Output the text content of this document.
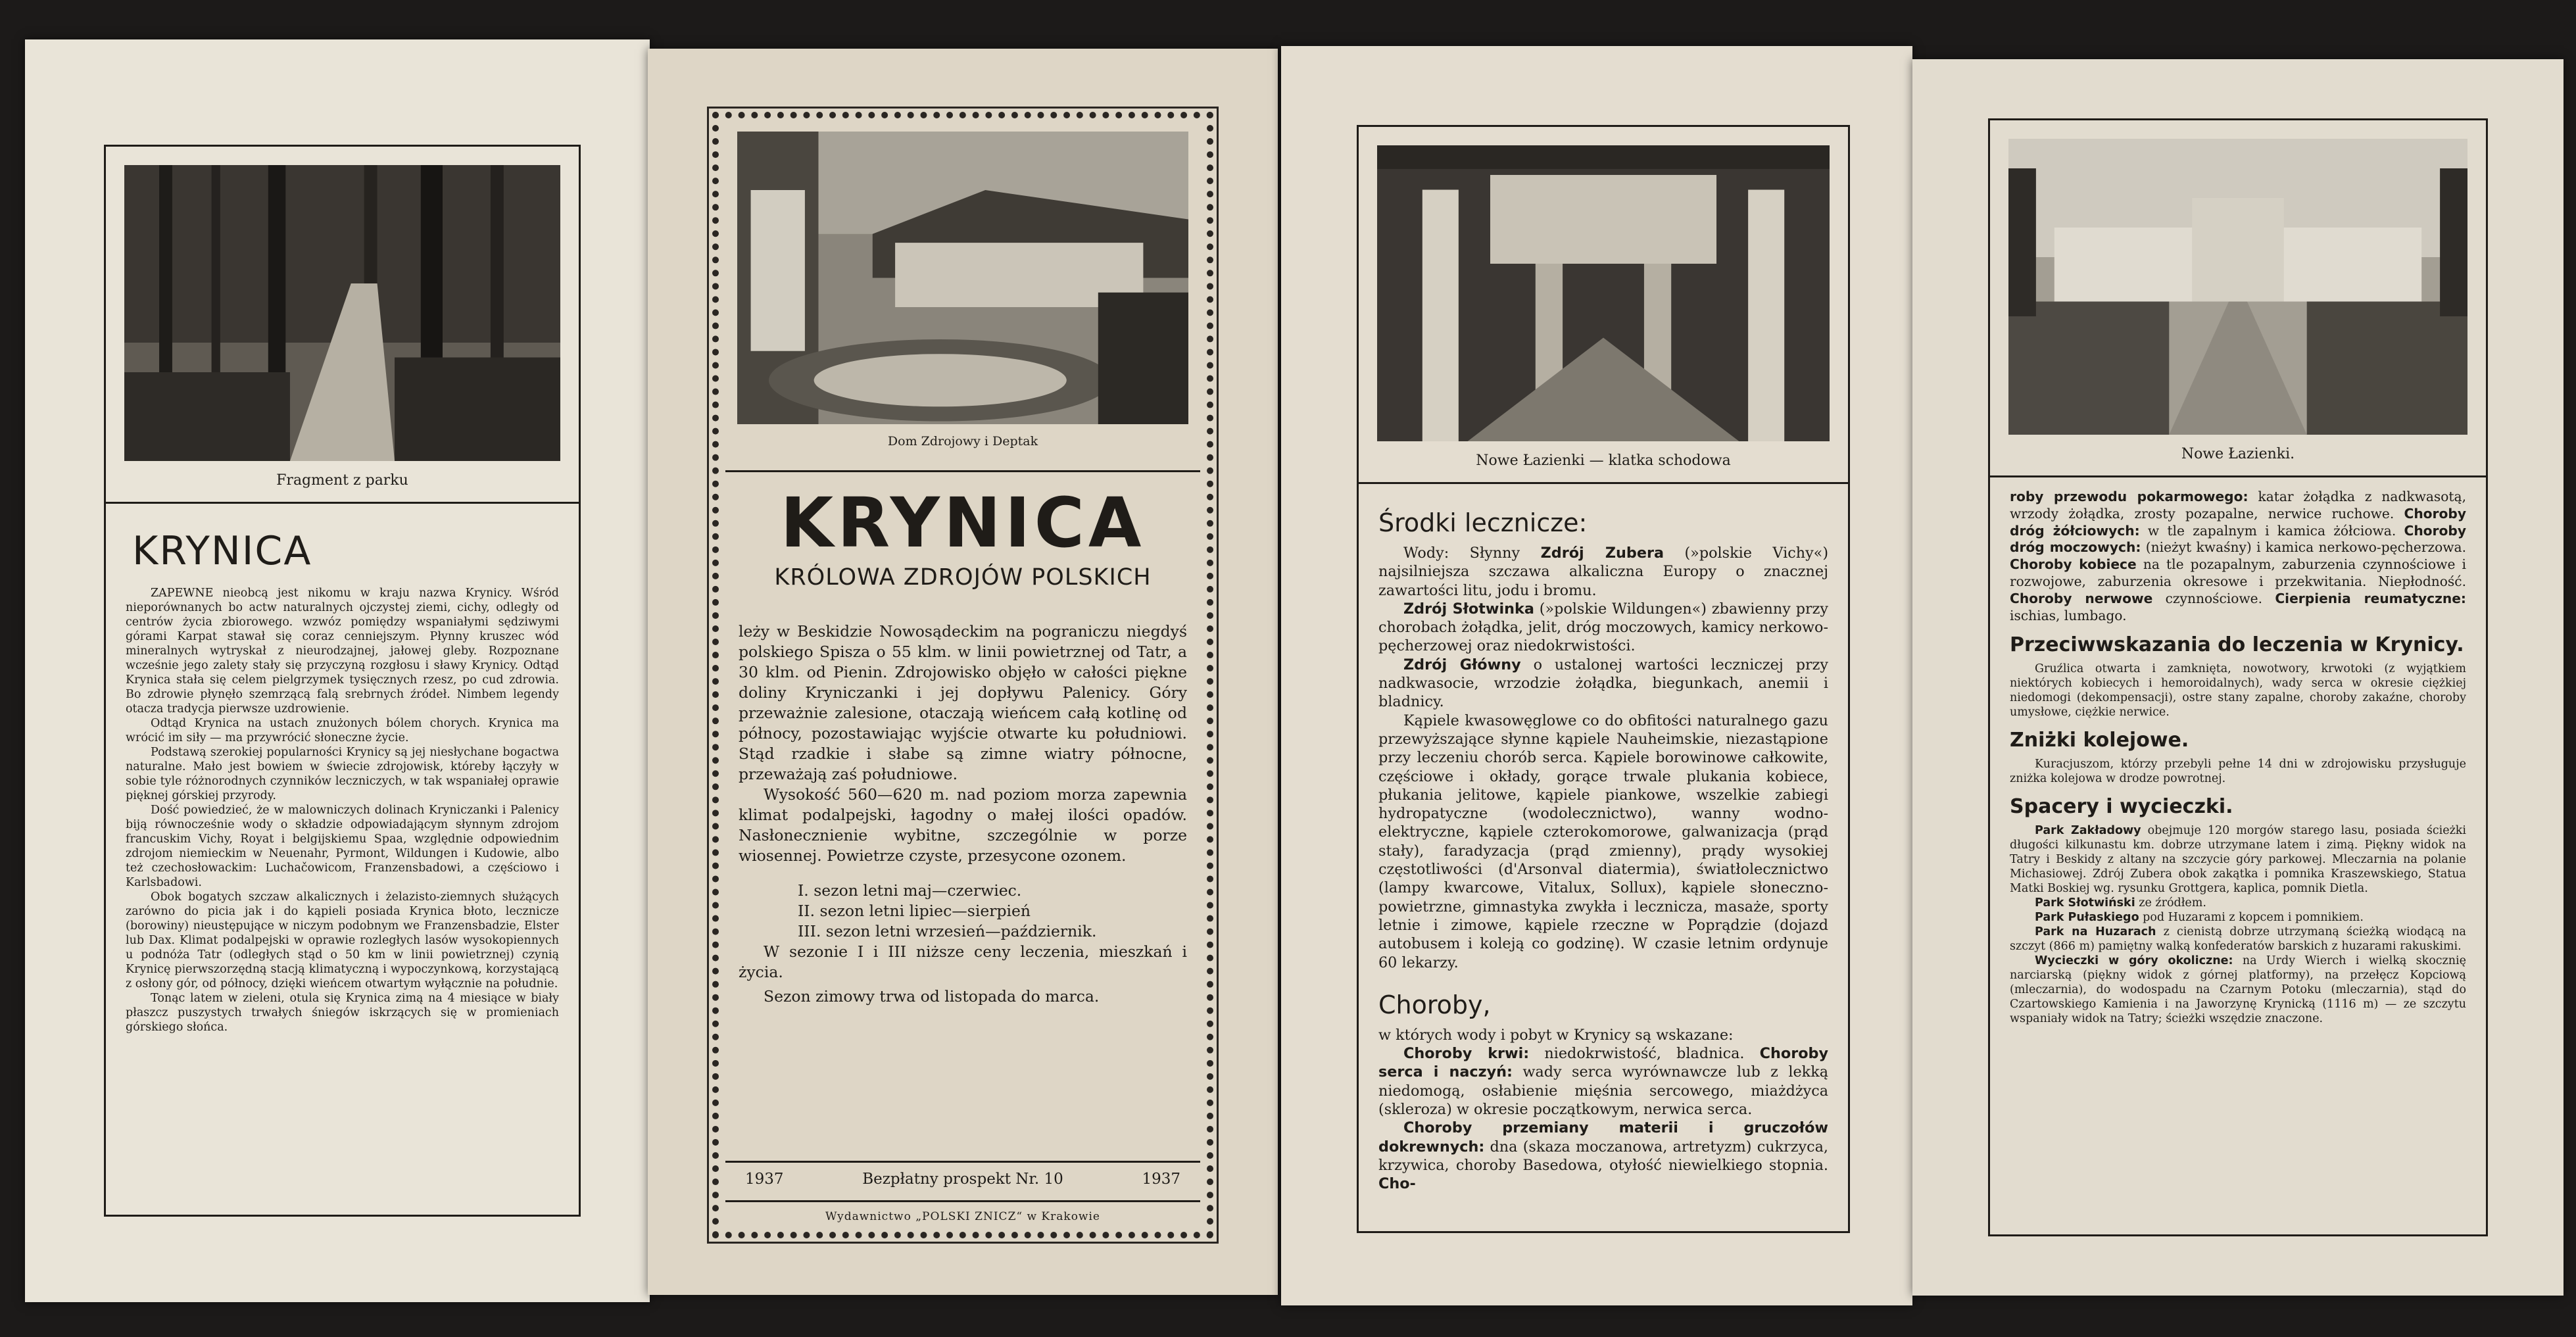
Fragment z parku
KRYNICA

ZAPEWNE nieobcą jest nikomu w kraju nazwa Krynicy. Wśród nieporównanych bo actw naturalnych ojczystej ziemi, cichy, odległy od centrów życia zbiorowego. wzwóz pomiędzy wspaniałymi sędziwymi górami Karpat stawał się coraz cenniejszym. Płynny kruszec wód mineralnych wytryskał z nieurodzajnej, jałowej gleby. Rozpoznane wcześnie jego zalety stały się przyczyną rozgłosu i sławy Krynicy. Odtąd Krynica stała się celem pielgrzymek tysięcznych rzesz, po cud zdrowia. Bo zdrowie płynęło szemrzącą falą srebrnych źródeł. Nimbem legendy otacza tradycja pierwsze uzdrowienie.

Odtąd Krynica na ustach znużonych bólem chorych. Krynica ma wrócić im siły — ma przywrócić słoneczne życie.

Podstawą szerokiej popularności Krynicy są jej niesłychane bogactwa naturalne. Mało jest bowiem w świecie zdrojowisk, któreby łączyły w sobie tyle różnorodnych czynników leczniczych, w tak wspaniałej oprawie pięknej górskiej przyrody.

Dość powiedzieć, że w malowniczych dolinach Kryniczanki i Palenicy biją równocześnie wody o składzie odpowiadającym słynnym zdrojom francuskim Vichy, Royat i belgijskiemu Spaa, względnie odpowiednim zdrojom niemieckim w Neuenahr, Pyrmont, Wildungen i Kudowie, albo też czechosłowackim: Luchačowicom, Franzensbadowi, a częściowo i Karlsbadowi.

Obok bogatych szczaw alkalicznych i żelazisto-ziemnych służących zarówno do picia jak i do kąpieli posiada Krynica błoto, lecznicze (borowiny) nieustępujące w niczym podobnym we Franzensbadzie, Elster lub Dax. Klimat podalpejski w oprawie rozległych lasów wysokopiennych u podnóża Tatr (odległych stąd o 50 km w linii powietrznej) czynią Krynicę pierwszorzędną stacją klimatyczną i wypoczynkową, korzystającą z osłony gór, od północy, dzięki wieńcem otwartym wyłącznie na południe.

Tonąc latem w zieleni, otula się Krynica zimą na 4 miesiące w biały płaszcz puszystych trwałych śniegów iskrzących się w promieniach górskiego słońca.

Dom Zdrojowy i Deptak
KRYNICA
KRÓLOWA ZDROJÓW POLSKICH

leży w Beskidzie Nowosądeckim na pograniczu niegdyś polskiego Spisza o 55 klm. w linii powietrznej od Tatr, a 30 klm. od Pienin. Zdrojowisko objęło w całości piękne doliny Kryniczanki i jej dopływu Palenicy. Góry przeważnie zalesione, otaczają wieńcem całą kotlinę od północy, pozostawiając wyjście otwarte ku południowi. Stąd rzadkie i słabe są zimne wiatry północne, przeważają zaś południowe.

Wysokość 560—620 m. nad poziom morza zapewnia klimat podalpejski, łagodny o małej ilości opadów. Nasłonecznienie wybitne, szczególnie w porze wiosennej. Powietrze czyste, przesycone ozonem.

I. sezon letni maj—czerwiec.
II. sezon letni lipiec—sierpień
III. sezon letni wrzesień—październik.

W sezonie I i III niższe ceny leczenia, mieszkań i życia.

Sezon zimowy trwa od listopada do marca.

1937	Bezpłatny prospekt Nr. 10	1937
Wydawnictwo „POLSKI ZNICZ“ w Krakowie
Nowe Łazienki — klatka schodowa
Środki lecznicze:

Wody: Słynny Zdrój Zubera (»polskie Vichy«) najsilniejsza szczawa alkaliczna Europy o znacznej zawartości litu, jodu i bromu.

Zdrój Słotwinka (»polskie Wildungen«) zbawienny przy chorobach żołądka, jelit, dróg moczowych, kamicy nerkowo-pęcherzowej oraz niedokrwistości.

Zdrój Główny o ustalonej wartości leczniczej przy nadkwasocie, wrzodzie żołądka, biegunkach, anemii i bladnicy.

Kąpiele kwasowęglowe co do obfitości naturalnego gazu przewyższające słynne kąpiele Nauheimskie, niezastąpione przy leczeniu chorób serca. Kąpiele borowinowe całkowite, częściowe i okłady, gorące trwale plukania kobiece, płukania jelitowe, kąpiele piankowe, wszelkie zabiegi hydropatyczne (wodolecznictwo), wanny wodno-elektryczne, kąpiele czterokomorowe, galwanizacja (prąd stały), faradyzacja (prąd zmienny), prądy wysokiej częstotliwości (d'Arsonval diatermia), światłolecznictwo (lampy kwarcowe, Vitalux, Sollux), kąpiele słoneczno-powietrzne, gimnastyka zwykła i lecznicza, masaże, sporty letnie i zimowe, kąpiele rzeczne w Poprądzie (dojazd autobusem i koleją co godzinę). W czasie letnim ordynuje 60 lekarzy.

Choroby,

w których wody i pobyt w Krynicy są wskazane:

Choroby krwi: niedokrwistość, bladnica. Choroby serca i naczyń: wady serca wyrównawcze lub z lekką niedomogą, osłabienie mięśnia sercowego, miażdżyca (skleroza) w okresie początkowym, nerwica serca.

Choroby przemiany materii i gruczołów dokrewnych: dna (skaza moczanowa, artretyzm) cukrzyca, krzywica, choroby Basedowa, otyłość niewielkiego stopnia. Cho-

Nowe Łazienki.

roby przewodu pokarmowego: katar żołądka z nadkwasotą, wrzody żołądka, zrosty pozapalne, nerwice ruchowe. Choroby dróg żółciowych: w tle zapalnym i kamica żółciowa. Choroby dróg moczowych: (nieżyt kwaśny) i kamica nerkowo-pęcherzowa. Choroby kobiece na tle pozapalnym, zaburzenia czynnościowe i rozwojowe, zaburzenia okresowe i przekwitania. Niepłodność. Choroby nerwowe czynnościowe. Cierpienia reumatyczne: ischias, lumbago.

Przeciwwskazania do leczenia w Krynicy.

Gruźlica otwarta i zamknięta, nowotwory, krwotoki (z wyjątkiem niektórych kobiecych i hemoroidalnych), wady serca w okresie ciężkiej niedomogi (dekompensacji), ostre stany zapalne, choroby zakaźne, choroby umysłowe, ciężkie nerwice.

Zniżki kolejowe.

Kuracjuszom, którzy przebyli pełne 14 dni w zdrojowisku przysługuje zniżka kolejowa w drodze powrotnej.

Spacery i wycieczki.

Park Zakładowy obejmuje 120 morgów starego lasu, posiada ścieżki długości kilkunastu km. dobrze utrzymane latem i zimą. Piękny widok na Tatry i Beskidy z altany na szczycie góry parkowej. Mleczarnia na polanie Michasiowej. Zdrój Zubera obok zakątka i pomnika Kraszewskiego, Statua Matki Boskiej wg. rysunku Grottgera, kaplica, pomnik Dietla.

Park Słotwiński ze źródłem.

Park Pułaskiego pod Huzarami z kopcem i pomnikiem.

Park na Huzarach z cienistą dobrze utrzymaną ścieżką wiodącą na szczyt (866 m) pamiętny walką konfederatów barskich z huzarami rakuskimi.

Wycieczki w góry okoliczne: na Urdy Wierch i wielką skocznię narciarską (piękny widok z górnej platformy), na przełęcz Kopciową (mleczarnia), do wodospadu na Czarnym Potoku (mleczarnia), stąd do Czartowskiego Kamienia i na Jaworzynę Krynicką (1116 m) — ze szczytu wspaniały widok na Tatry; ścieżki wszędzie znaczone.
